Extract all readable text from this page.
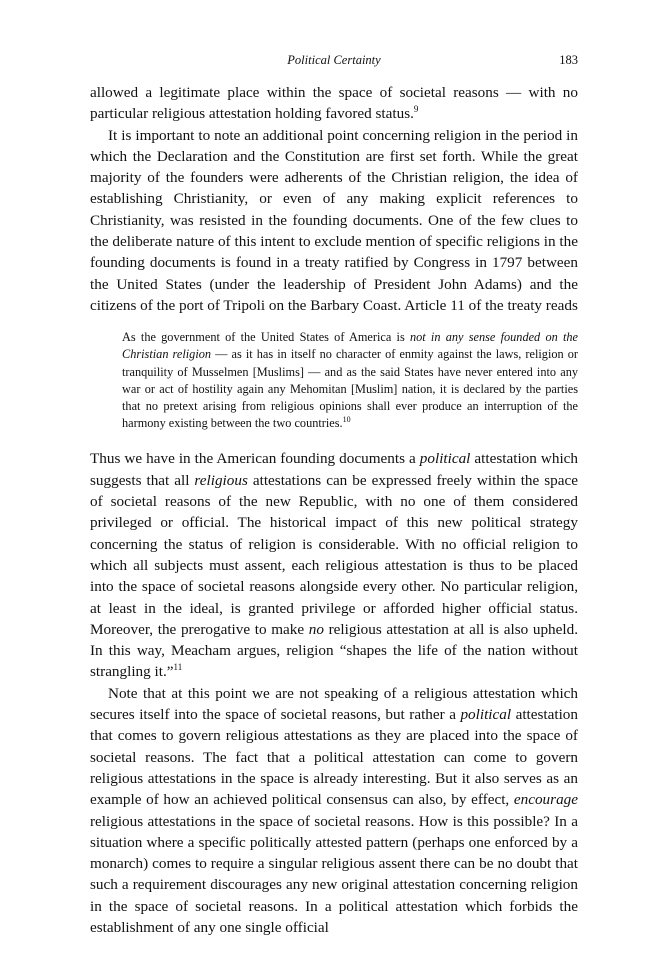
Political Certainty	183

allowed a legitimate place within the space of societal reasons — with no particular religious attestation holding favored status.$^9$

It is important to note an additional point concerning religion in the period in which the Declaration and the Constitution are first set forth. While the great majority of the founders were adherents of the Christian religion, the idea of establishing Christianity, or even of any making explicit references to Christianity, was resisted in the founding documents. One of the few clues to the deliberate nature of this intent to exclude mention of specific religions in the founding documents is found in a treaty ratified by Congress in 1797 between the United States (under the leadership of President John Adams) and the citizens of the port of Tripoli on the Barbary Coast. Article 11 of the treaty reads

As the government of the United States of America is not in any sense founded on the Christian religion — as it has in itself no character of enmity against the laws, religion or tranquility of Musselmen [Muslims] — and as the said States have never entered into any war or act of hostility again any Mehomitan [Muslim] nation, it is declared by the parties that no pretext arising from religious opinions shall ever produce an interruption of the harmony existing between the two countries.$^{10}$

Thus we have in the American founding documents a political attestation which suggests that all religious attestations can be expressed freely within the space of societal reasons of the new Republic, with no one of them considered privileged or official. The historical impact of this new political strategy concerning the status of religion is considerable. With no official religion to which all subjects must assent, each religious attestation is thus to be placed into the space of societal reasons alongside every other. No particular religion, at least in the ideal, is granted privilege or afforded higher official status. Moreover, the prerogative to make no religious attestation at all is also upheld. In this way, Meacham argues, religion “shapes the life of the nation without strangling it.”$^{11}$

Note that at this point we are not speaking of a religious attestation which secures itself into the space of societal reasons, but rather a political attestation that comes to govern religious attestations as they are placed into the space of societal reasons. The fact that a political attestation can come to govern religious attestations in the space is already interesting. But it also serves as an example of how an achieved political consensus can also, by effect, encourage religious attestations in the space of societal reasons. How is this possible? In a situation where a specific politically attested pattern (perhaps one enforced by a monarch) comes to require a singular religious assent there can be no doubt that such a requirement discourages any new original attestation concerning religion in the space of societal reasons. In a political attestation which forbids the establishment of any one single official
